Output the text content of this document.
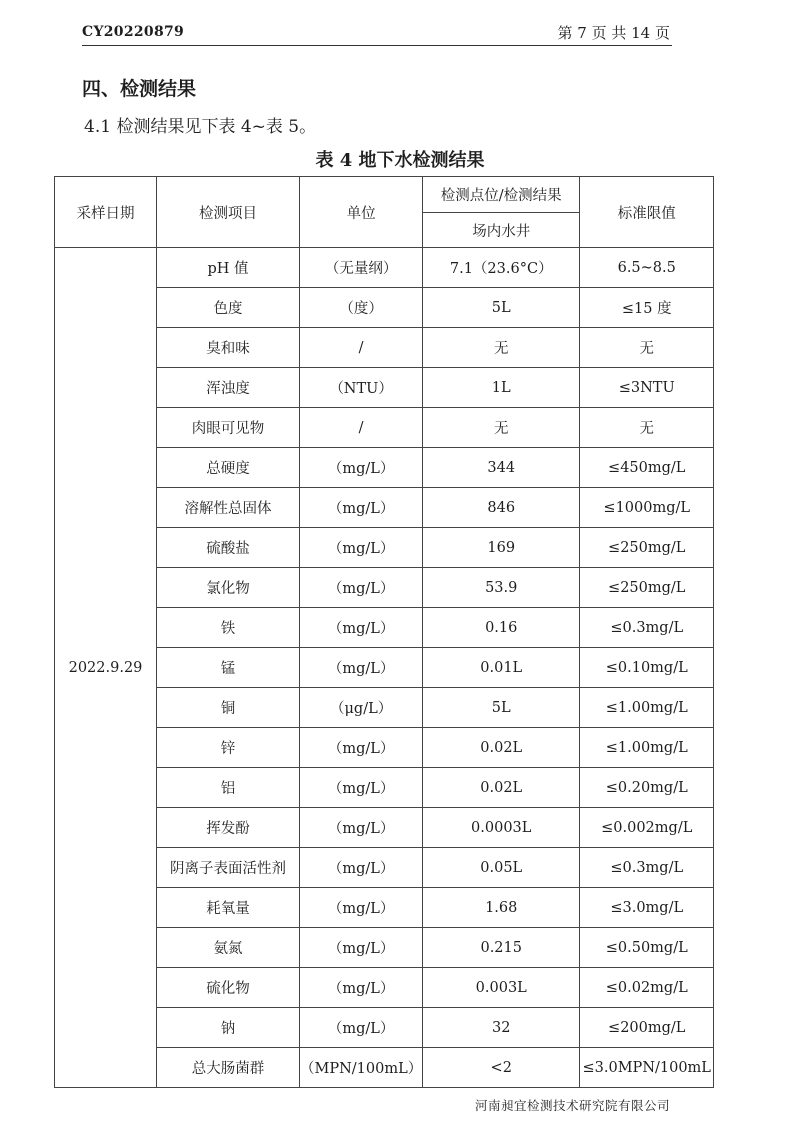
CY20220879	第 7 页 共 14 页
四、检测结果
4.1 检测结果见下表 4~表 5。
表 4 地下水检测结果
采样日期	检测项目	单位	检测点位/检测结果	标准限值
			场内水井	
2022.9.29	pH 值	（无量纲）	7.1（23.6°C）	6.5~8.5
	色度	（度）	5L	≤15 度
	臭和味	/	无	无
	浑浊度	（NTU）	1L	≤3NTU
	肉眼可见物	/	无	无
	总硬度	（mg/L）	344	≤450mg/L
	溶解性总固体	（mg/L）	846	≤1000mg/L
	硫酸盐	（mg/L）	169	≤250mg/L
	氯化物	（mg/L）	53.9	≤250mg/L
	铁	（mg/L）	0.16	≤0.3mg/L
	锰	（mg/L）	0.01L	≤0.10mg/L
	铜	（μg/L）	5L	≤1.00mg/L
	锌	（mg/L）	0.02L	≤1.00mg/L
	铝	（mg/L）	0.02L	≤0.20mg/L
	挥发酚	（mg/L）	0.0003L	≤0.002mg/L
	阴离子表面活性剂	（mg/L）	0.05L	≤0.3mg/L
	耗氧量	（mg/L）	1.68	≤3.0mg/L
	氨氮	（mg/L）	0.215	≤0.50mg/L
	硫化物	（mg/L）	0.003L	≤0.02mg/L
	钠	（mg/L）	32	≤200mg/L
	总大肠菌群	（MPN/100mL）	<2	≤3.0MPN/100mL
河南昶宜检测技术研究院有限公司
